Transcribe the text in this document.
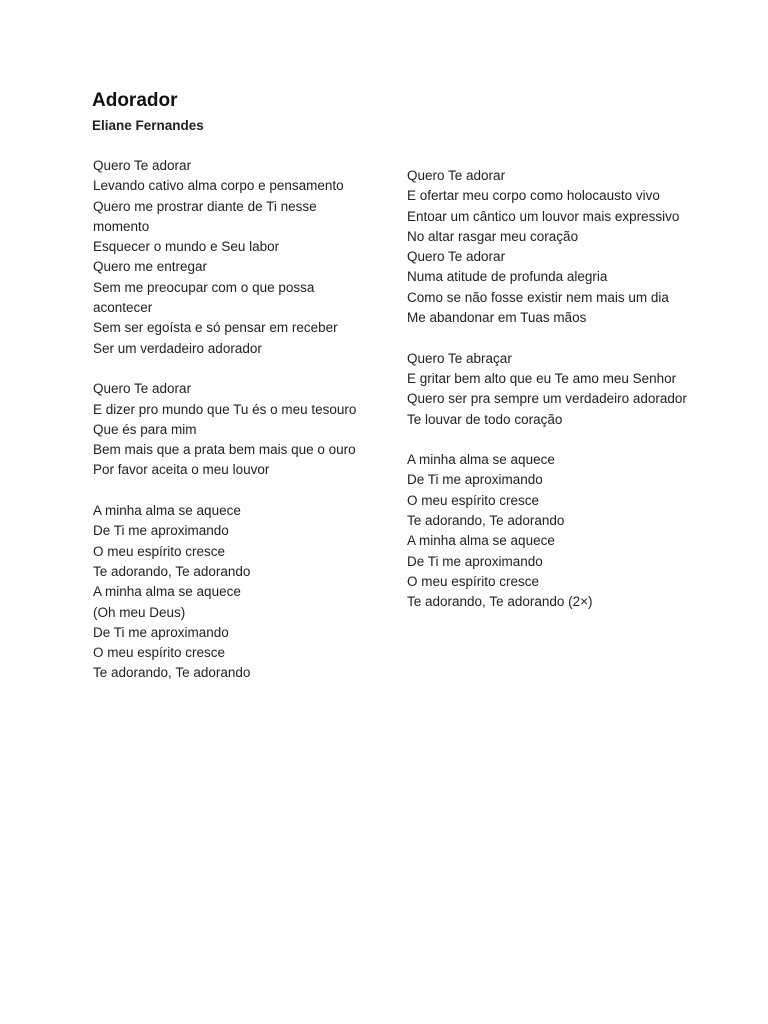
Adorador
Eliane Fernandes
Quero Te adorar
Levando cativo alma corpo e pensamento
Quero me prostrar diante de Ti nesse momento
Esquecer o mundo e Seu labor
Quero me entregar
Sem me preocupar com o que possa acontecer
Sem ser egoísta e só pensar em receber
Ser um verdadeiro adorador
Quero Te adorar
E dizer pro mundo que Tu és o meu tesouro
Que és para mim
Bem mais que a prata bem mais que o ouro
Por favor aceita o meu louvor
A minha alma se aquece
De Ti me aproximando
O meu espírito cresce
Te adorando, Te adorando
A minha alma se aquece
(Oh meu Deus)
De Ti me aproximando
O meu espírito cresce
Te adorando, Te adorando
Quero Te adorar
E ofertar meu corpo como holocausto vivo
Entoar um cântico um louvor mais expressivo
No altar rasgar meu coração
Quero Te adorar
Numa atitude de profunda alegria
Como se não fosse existir nem mais um dia
Me abandonar em Tuas mãos
Quero Te abraçar
E gritar bem alto que eu Te amo meu Senhor
Quero ser pra sempre um verdadeiro adorador
Te louvar de todo coração
A minha alma se aquece
De Ti me aproximando
O meu espírito cresce
Te adorando, Te adorando
A minha alma se aquece
De Ti me aproximando
O meu espírito cresce
Te adorando, Te adorando (2×)
